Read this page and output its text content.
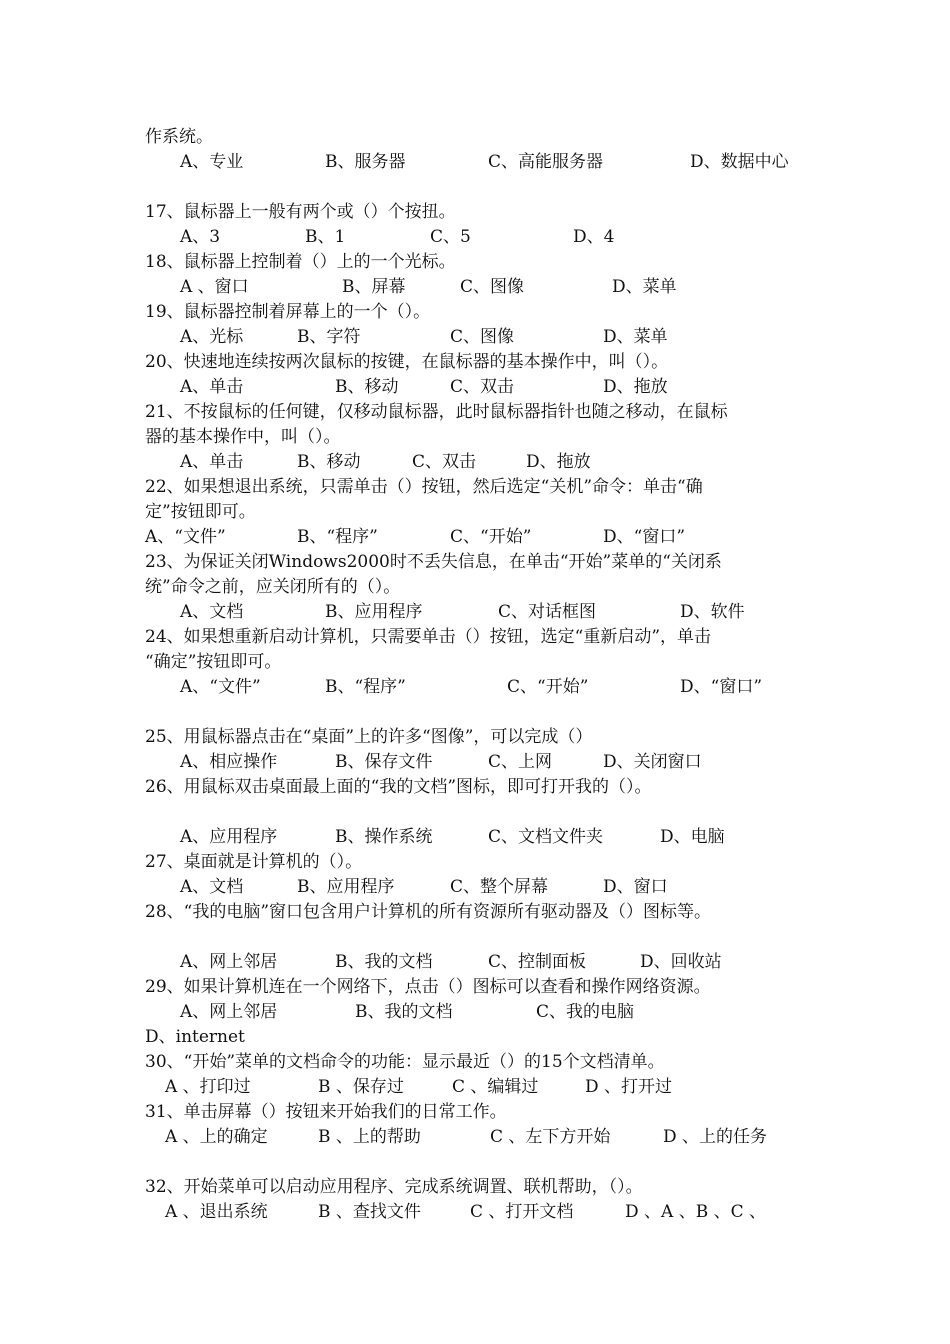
作系统。
A、专业	B、服务器	C、高能服务器	D、数据中心
17、鼠标器上一般有两个或（）个按扭。
A、3	B、1	C、5	D、4
18、鼠标器上控制着（）上的一个光标。
A 、窗口	B、屏幕	C、图像	D、菜单
19、鼠标器控制着屏幕上的一个（）。
A、光标	B、字符	C、图像	D、菜单
20、快速地连续按两次鼠标的按键，在鼠标器的基本操作中，叫（）。
A、单击	B、移动	C、双击	D、拖放
21、不按鼠标的任何键，仅移动鼠标器，此时鼠标器指针也随之移动，在鼠标
器的基本操作中，叫（）。
A、单击	B、移动	C、双击	D、拖放
22、如果想退出系统，只需单击（）按钮，然后选定“关机”命令：单击“确
定”按钮即可。
A、“文件”	B、“程序”	C、“开始”	D、“窗口”
23、为保证关闭Windows2000时不丢失信息，在单击“开始”菜单的“关闭系
统”命令之前，应关闭所有的（）。
A、文档	B、应用程序	C、对话框图	D、软件
24、如果想重新启动计算机，只需要单击（）按钮，选定“重新启动”，单击
“确定”按钮即可。
A、“文件”	B、“程序”	C、“开始”	D、“窗口”
25、用鼠标器点击在“桌面”上的许多“图像”，可以完成（）
A、相应操作	B、保存文件	C、上网	D、关闭窗口
26、用鼠标双击桌面最上面的“我的文档”图标，即可打开我的（）。
A、应用程序	B、操作系统	C、文档文件夹	D、电脑
27、桌面就是计算机的（）。
A、文档	B、应用程序	C、整个屏幕	D、窗口
28、“我的电脑”窗口包含用户计算机的所有资源所有驱动器及（）图标等。
A、网上邻居	B、我的文档	C、控制面板	D、回收站
29、如果计算机连在一个网络下，点击（）图标可以查看和操作网络资源。
A、网上邻居	B、我的文档	C、我的电脑
D、internet
30、“开始”菜单的文档命令的功能：显示最近（）的15个文档清单。
A 、打印过	B 、保存过	C 、编辑过	D 、打开过
31、单击屏幕（）按钮来开始我们的日常工作。
A 、上的确定	B 、上的帮助	C 、左下方开始	D 、上的任务
32、开始菜单可以启动应用程序、完成系统调置、联机帮助，（）。
A 、退出系统	B 、查找文件	C 、打开文档	D 、A 、B 、C 、
